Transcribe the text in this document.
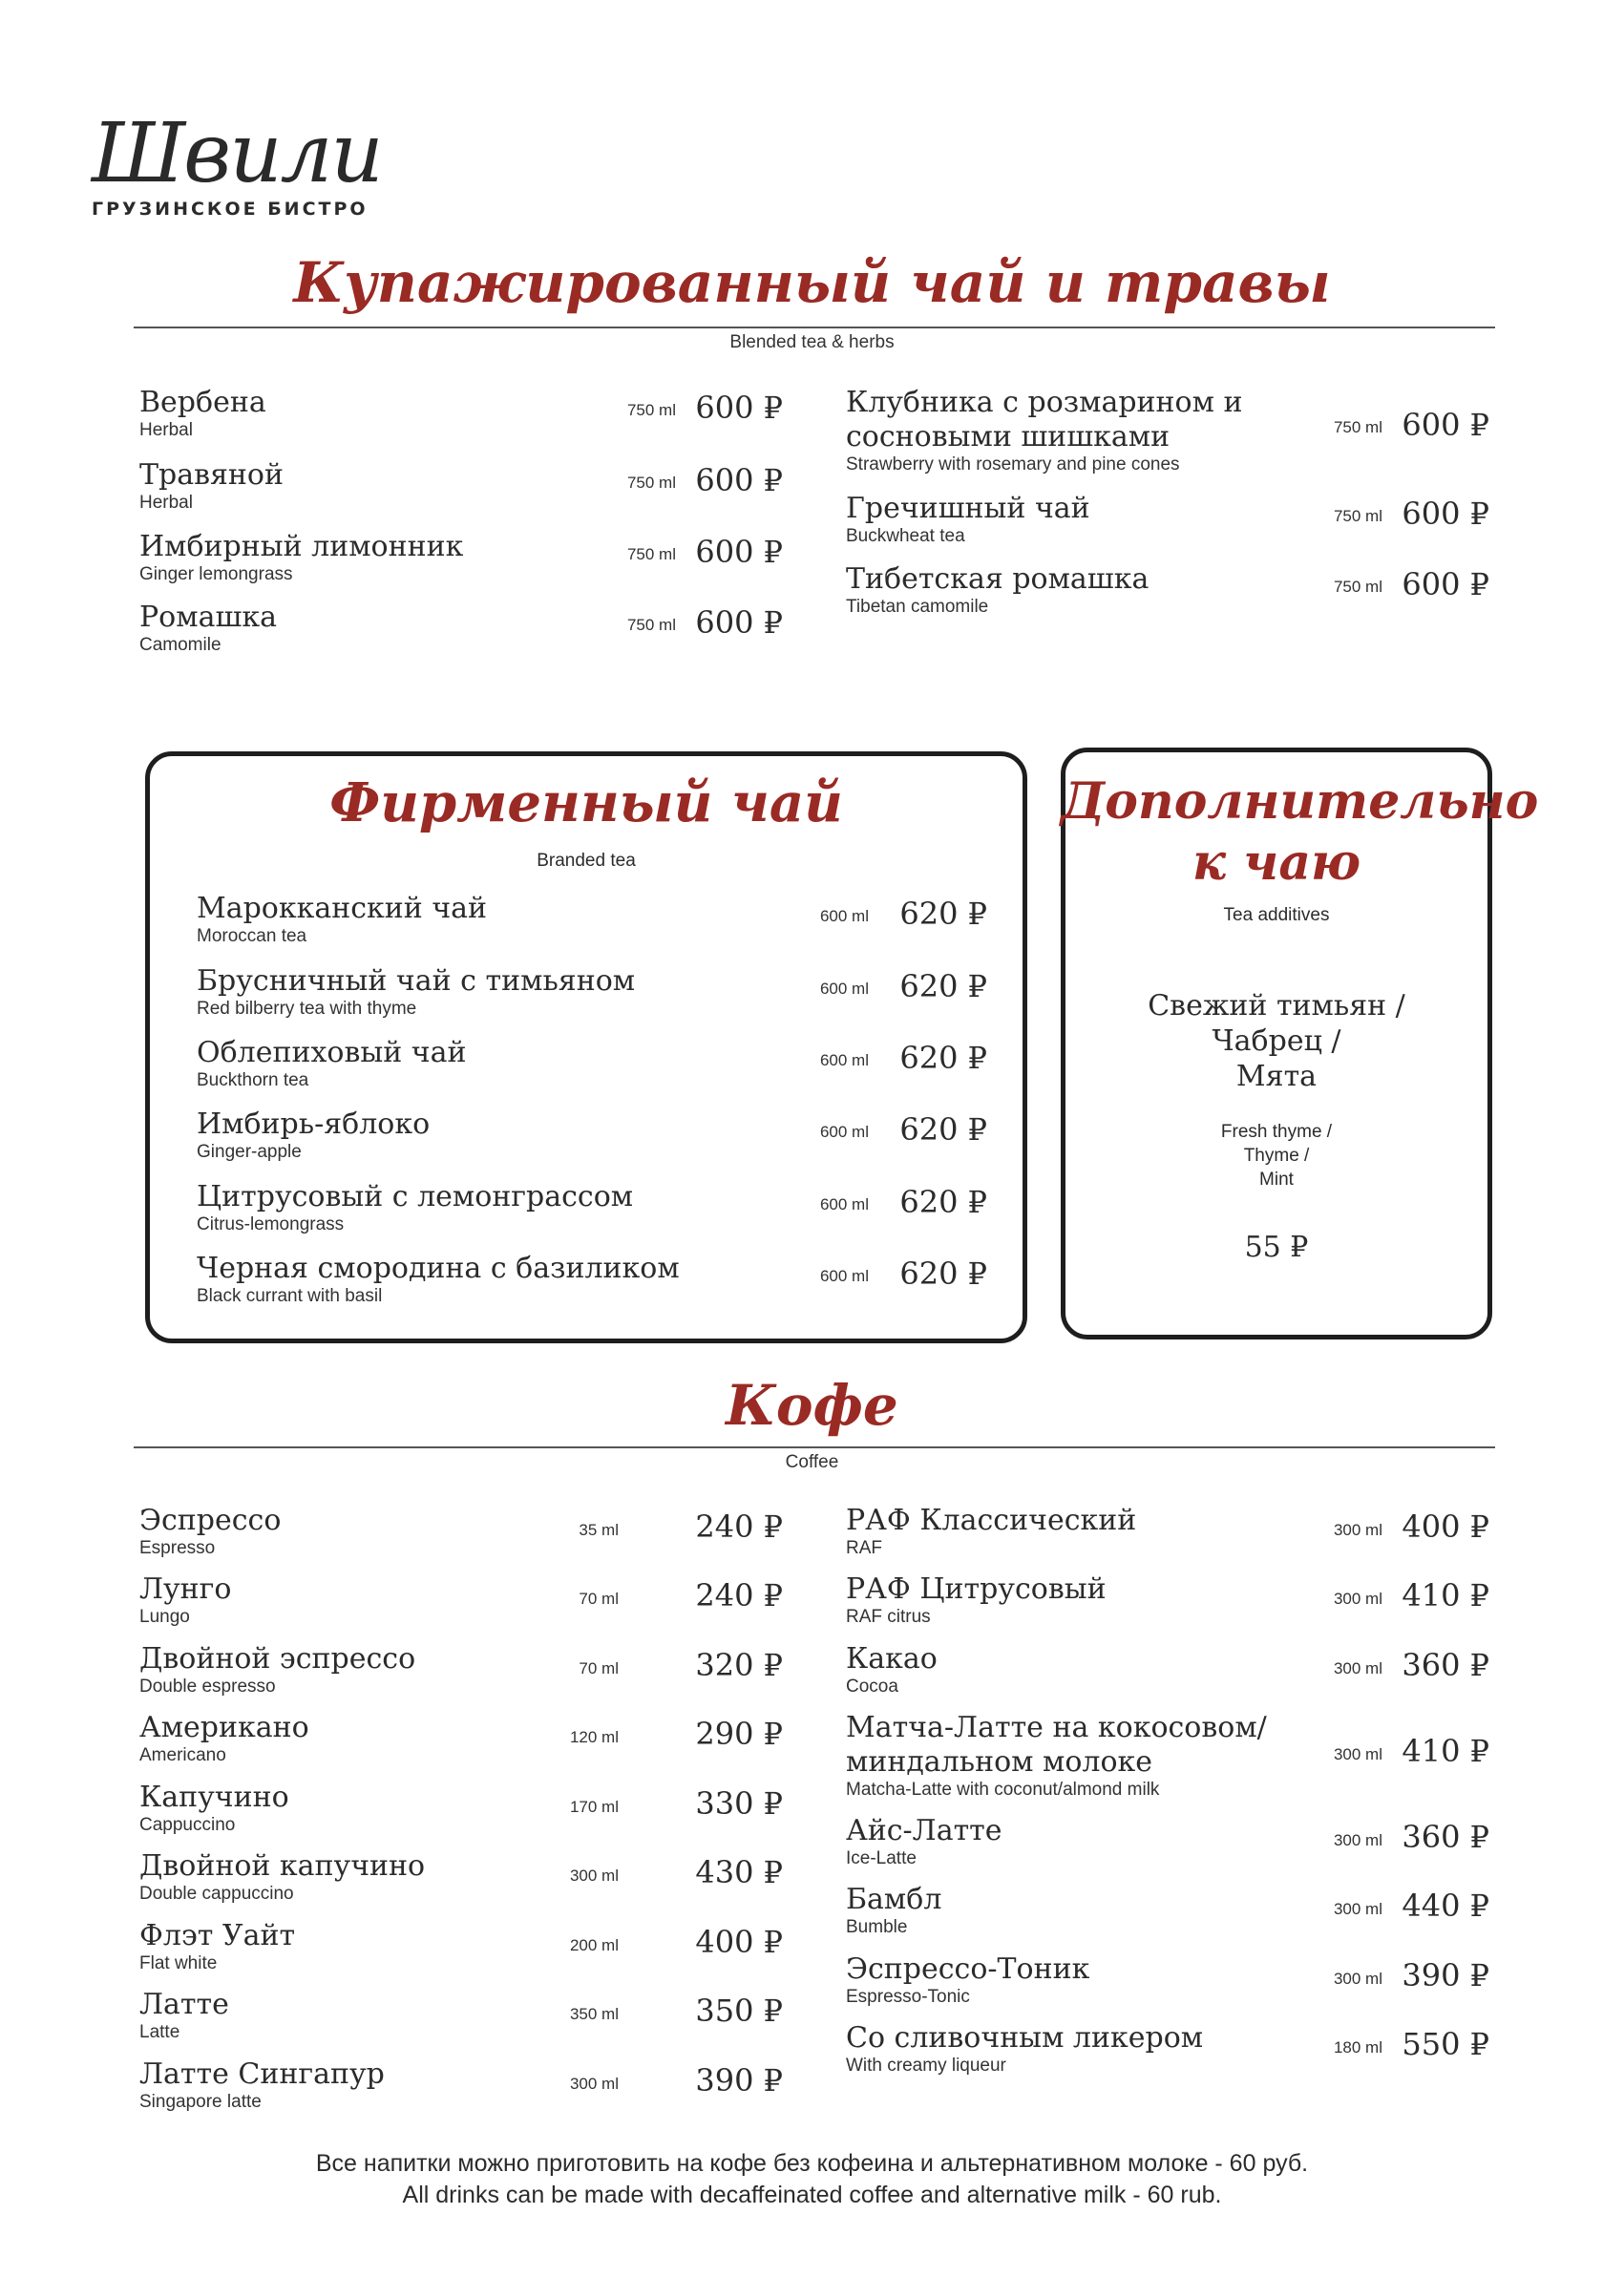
Швили
ГРУЗИНСКОЕ БИСТРО
Купажированный чай и травы
Blended tea & herbs
Вербена
Herbal
750 ml 600 ₽
Травяной
Herbal
750 ml 600 ₽
Имбирный лимонник
Ginger lemongrass
750 ml 600 ₽
Ромашка
Camomile
750 ml 600 ₽
Клубника с розмарином и
сосновыми шишками
Strawberry with rosemary and pine cones
750 ml 600 ₽
Гречишный чай
Buckwheat tea
750 ml 600 ₽
Тибетская ромашка
Tibetan camomile
750 ml 600 ₽
Фирменный чай
Branded tea
Марокканский чай
Moroccan tea
600 ml	620 ₽
Брусничный чай с тимьяном
Red bilberry tea with thyme
600 ml	620 ₽
Облепиховый чай
Buckthorn tea
600 ml	620 ₽
Имбирь-яблоко
Ginger-apple
600 ml	620 ₽
Цитрусовый с лемонграссом
Citrus-lemongrass
600 ml	620 ₽
Черная смородина с базиликом
Black currant with basil
600 ml	620 ₽
Дополнительно
к чаю
Tea additives
Свежий тимьян /
Чабрец /
Мята
Fresh thyme /
Thyme /
Mint
55 ₽
Кофе
Coffee
Эспрессо
Espresso
35 ml	240 ₽
Лунго
Lungo
70 ml	240 ₽
Двойной эспрессо
Double espresso
70 ml	320 ₽
Американо
Americano
120 ml	290 ₽
Капучино
Cappuccino
170 ml	330 ₽
Двойной капучино
Double cappuccino
300 ml	430 ₽
Флэт Уайт
Flat white
200 ml	400 ₽
Латте
Latte
350 ml	350 ₽
Латте Сингапур
Singapore latte
300 ml	390 ₽
РАФ Классический
RAF
300 ml 400 ₽
РАФ Цитрусовый
RAF citrus
300 ml 410 ₽
Какао
Cocoa
300 ml 360 ₽
Матча-Латте на кокосовом/
миндальном молоке
Matcha-Latte with coconut/almond milk
300 ml 410 ₽
Айс-Латте
Ice-Latte
300 ml 360 ₽
Бамбл
Bumble
300 ml 440 ₽
Эспрессо-Тоник
Espresso-Tonic
300 ml 390 ₽
Со сливочным ликером
With creamy liqueur
180 ml 550 ₽
Все напитки можно приготовить на кофе без кофеина и альтернативном молоке - 60 руб.
All drinks can be made with decaffeinated coffee and alternative milk - 60 rub.
